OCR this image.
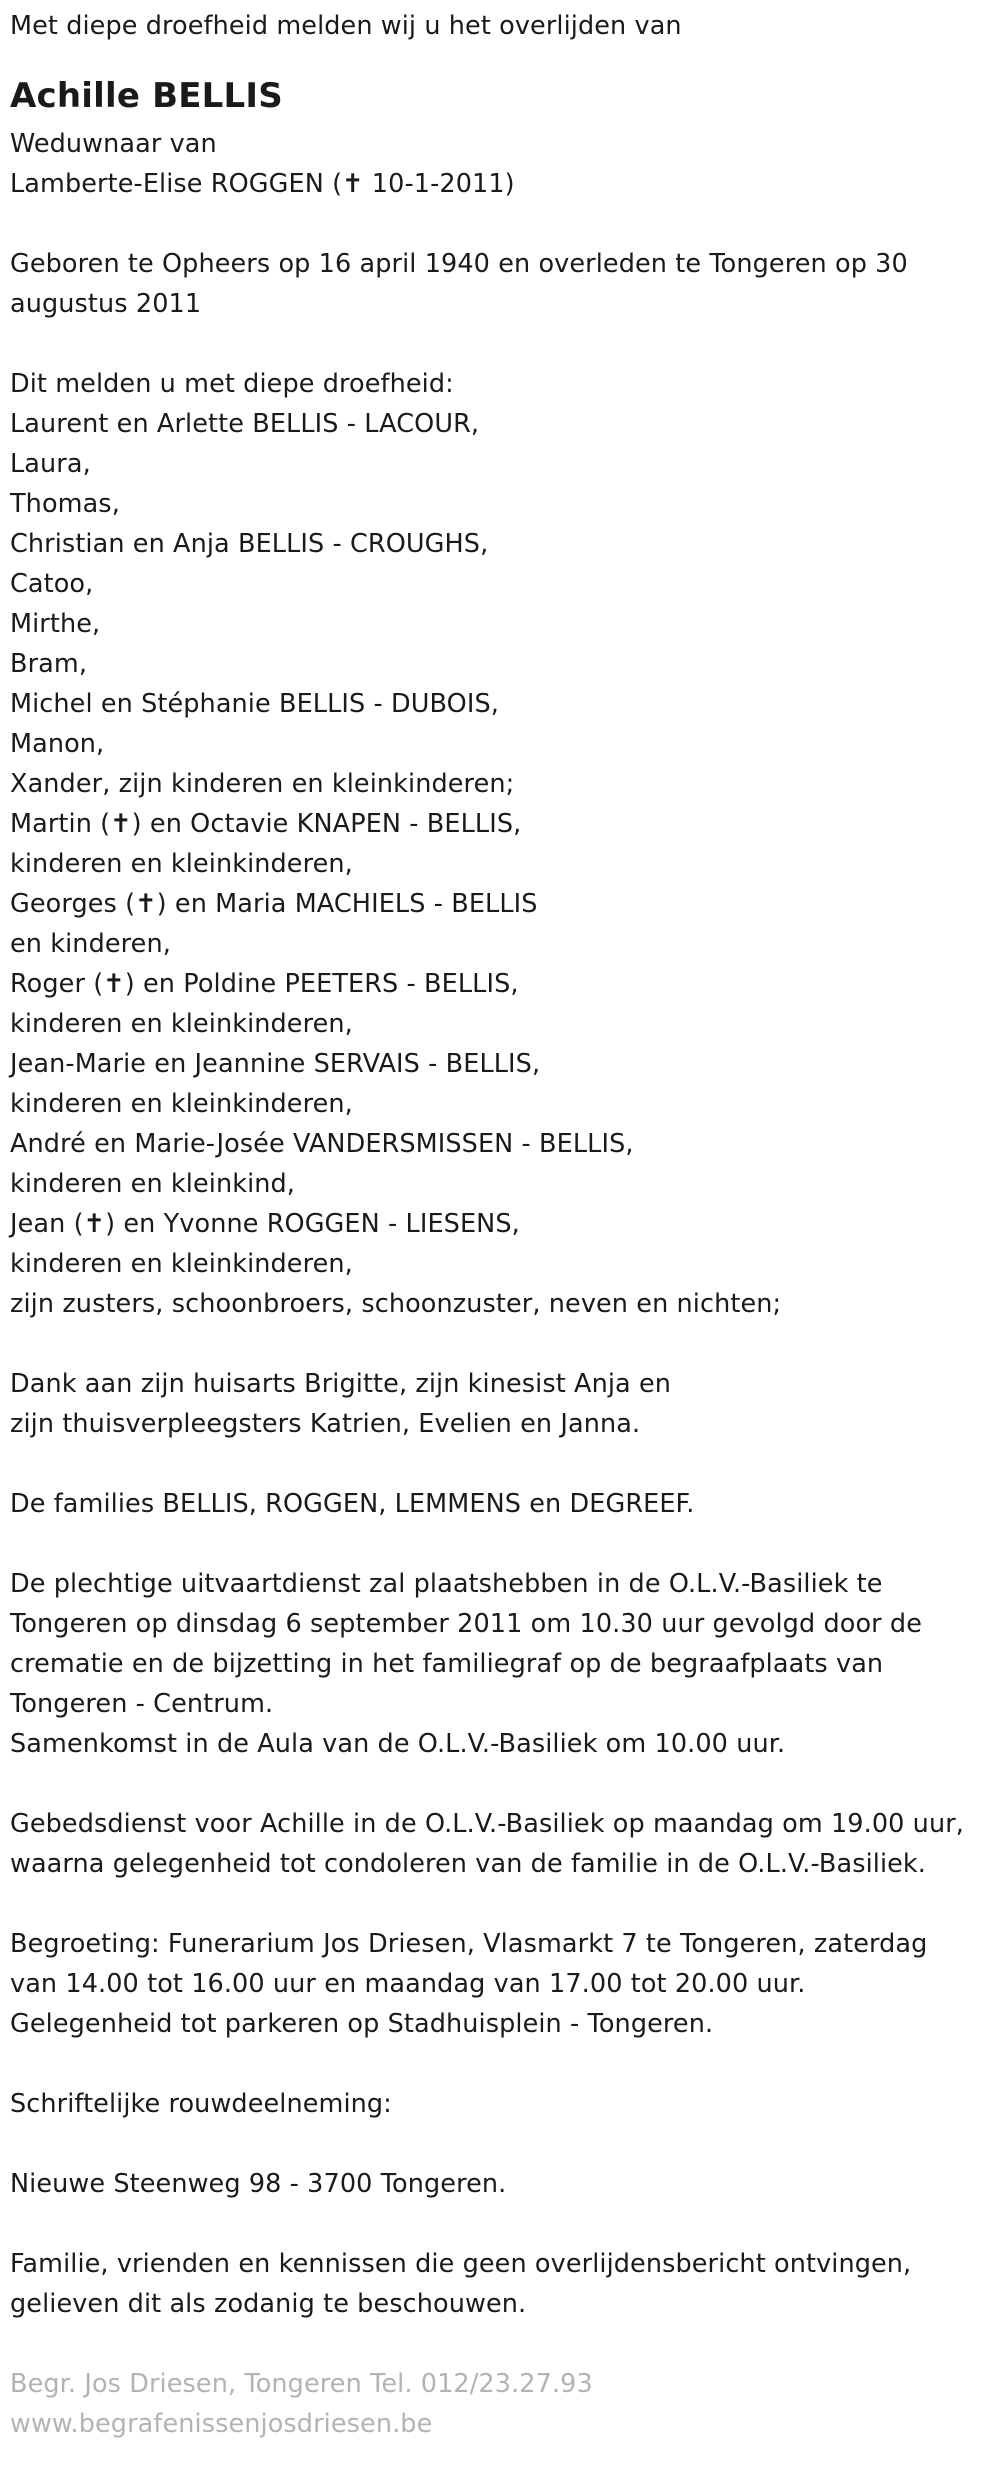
Met diepe droefheid melden wij u het overlijden van
Achille BELLIS
Weduwnaar van
Lamberte-Elise ROGGEN (✝ 10-1-2011)
Geboren te Opheers op 16 april 1940 en overleden te Tongeren op 30
augustus 2011
Dit melden u met diepe droefheid:
Laurent en Arlette BELLIS - LACOUR,
Laura,
Thomas,
Christian en Anja BELLIS - CROUGHS,
Catoo,
Mirthe,
Bram,
Michel en Stéphanie BELLIS - DUBOIS,
Manon,
Xander, zijn kinderen en kleinkinderen;
Martin (✝) en Octavie KNAPEN - BELLIS,
kinderen en kleinkinderen,
Georges (✝) en Maria MACHIELS - BELLIS
en kinderen,
Roger (✝) en Poldine PEETERS - BELLIS,
kinderen en kleinkinderen,
Jean-Marie en Jeannine SERVAIS - BELLIS,
kinderen en kleinkinderen,
André en Marie-Josée VANDERSMISSEN - BELLIS,
kinderen en kleinkind,
Jean (✝) en Yvonne ROGGEN - LIESENS,
kinderen en kleinkinderen,
zijn zusters, schoonbroers, schoonzuster, neven en nichten;
Dank aan zijn huisarts Brigitte, zijn kinesist Anja en
zijn thuisverpleegsters Katrien, Evelien en Janna.
De families BELLIS, ROGGEN, LEMMENS en DEGREEF.
De plechtige uitvaartdienst zal plaatshebben in de O.L.V.-Basiliek te
Tongeren op dinsdag 6 september 2011 om 10.30 uur gevolgd door de
crematie en de bijzetting in het familiegraf op de begraafplaats van
Tongeren - Centrum.
Samenkomst in de Aula van de O.L.V.-Basiliek om 10.00 uur.
Gebedsdienst voor Achille in de O.L.V.-Basiliek op maandag om 19.00 uur,
waarna gelegenheid tot condoleren van de familie in de O.L.V.-Basiliek.
Begroeting: Funerarium Jos Driesen, Vlasmarkt 7 te Tongeren, zaterdag
van 14.00 tot 16.00 uur en maandag van 17.00 tot 20.00 uur.
Gelegenheid tot parkeren op Stadhuisplein - Tongeren.
Schriftelijke rouwdeelneming:
Nieuwe Steenweg 98 - 3700 Tongeren.
Familie, vrienden en kennissen die geen overlijdensbericht ontvingen,
gelieven dit als zodanig te beschouwen.
Begr. Jos Driesen, Tongeren Tel. 012/23.27.93
www.begrafenissenjosdriesen.be
